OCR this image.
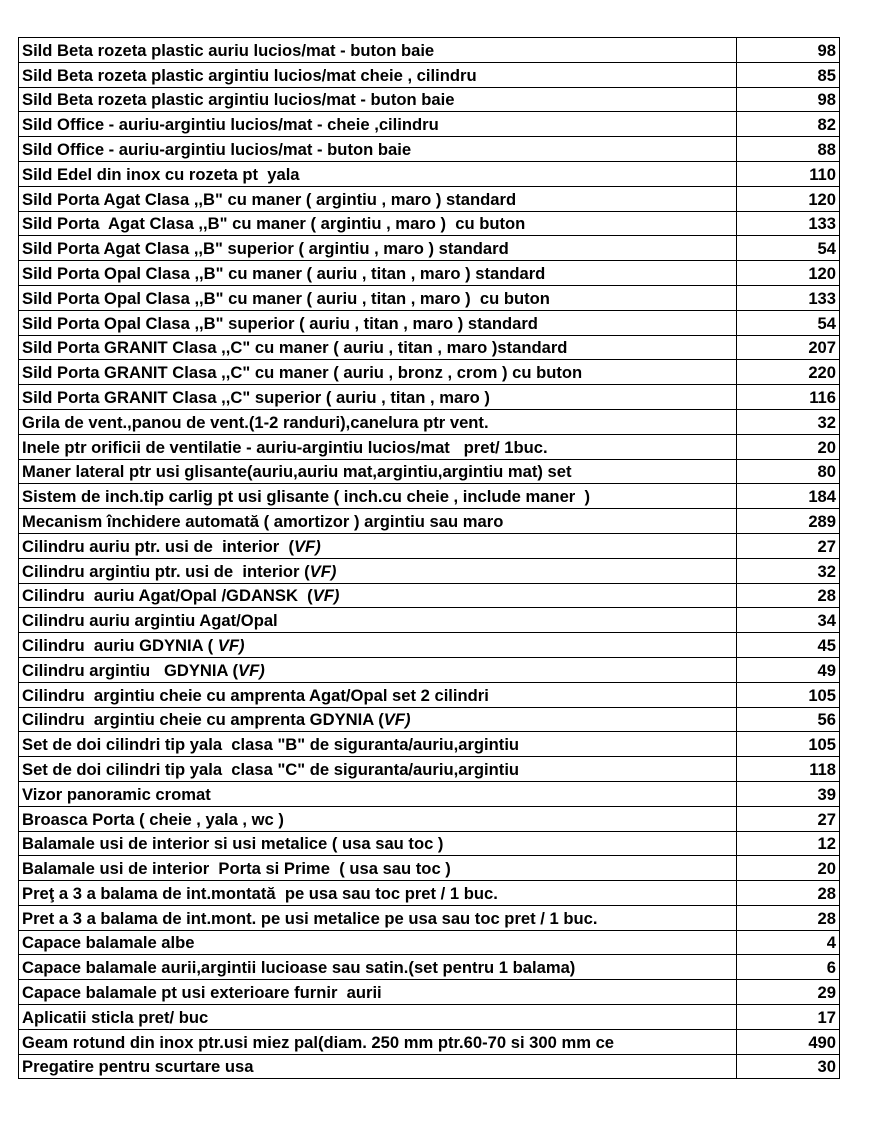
Sild Beta rozeta plastic auriu lucios/mat - buton baie	98
Sild Beta rozeta plastic argintiu lucios/mat cheie , cilindru	85
Sild Beta rozeta plastic argintiu lucios/mat - buton baie	98
Sild Office - auriu-argintiu lucios/mat - cheie ,cilindru	82
Sild Office - auriu-argintiu lucios/mat - buton baie	88
Sild Edel din inox cu rozeta pt  yala	110
Sild Porta Agat Clasa ,,B" cu maner ( argintiu , maro ) standard	120
Sild Porta  Agat Clasa ,,B" cu maner ( argintiu , maro )  cu buton	133
Sild Porta Agat Clasa ,,B" superior ( argintiu , maro ) standard	54
Sild Porta Opal Clasa ,,B" cu maner ( auriu , titan , maro ) standard	120
Sild Porta Opal Clasa ,,B" cu maner ( auriu , titan , maro )  cu buton	133
Sild Porta Opal Clasa ,,B" superior ( auriu , titan , maro ) standard	54
Sild Porta GRANIT Clasa ,,C" cu maner ( auriu , titan , maro )standard	207
Sild Porta GRANIT Clasa ,,C" cu maner ( auriu , bronz , crom ) cu buton	220
Sild Porta GRANIT Clasa ,,C" superior ( auriu , titan , maro )	116
Grila de vent.,panou de vent.(1-2 randuri),canelura ptr vent.	32
Inele ptr orificii de ventilatie - auriu-argintiu lucios/mat   pret/ 1buc.	20
Maner lateral ptr usi glisante(auriu,auriu mat,argintiu,argintiu mat) set	80
Sistem de inch.tip carlig pt usi glisante ( inch.cu cheie , include maner  )	184
Mecanism închidere automată ( amortizor ) argintiu sau maro	289
Cilindru auriu ptr. usi de  interior  (VF)	27
Cilindru argintiu ptr. usi de  interior (VF)	32
Cilindru  auriu Agat/Opal /GDANSK  (VF)	28
Cilindru auriu argintiu Agat/Opal	34
Cilindru  auriu GDYNIA ( VF)	45
Cilindru argintiu   GDYNIA (VF)	49
Cilindru  argintiu cheie cu amprenta Agat/Opal set 2 cilindri	105
Cilindru  argintiu cheie cu amprenta GDYNIA (VF)	56
Set de doi cilindri tip yala  clasa "B" de siguranta/auriu,argintiu	105
Set de doi cilindri tip yala  clasa "C" de siguranta/auriu,argintiu	118
Vizor panoramic cromat	39
Broasca Porta ( cheie , yala , wc )	27
Balamale usi de interior si usi metalice ( usa sau toc )	12
Balamale usi de interior  Porta si Prime  ( usa sau toc )	20
Preţ a 3 a balama de int.montată  pe usa sau toc pret / 1 buc.	28
Pret a 3 a balama de int.mont. pe usi metalice pe usa sau toc pret / 1 buc.	28
Capace balamale albe	4
Capace balamale aurii,argintii lucioase sau satin.(set pentru 1 balama)	6
Capace balamale pt usi exterioare furnir  aurii	29
Aplicatii sticla pret/ buc	17
Geam rotund din inox ptr.usi miez pal(diam. 250 mm ptr.60-70 si 300 mm ce	490
Pregatire pentru scurtare usa	30
